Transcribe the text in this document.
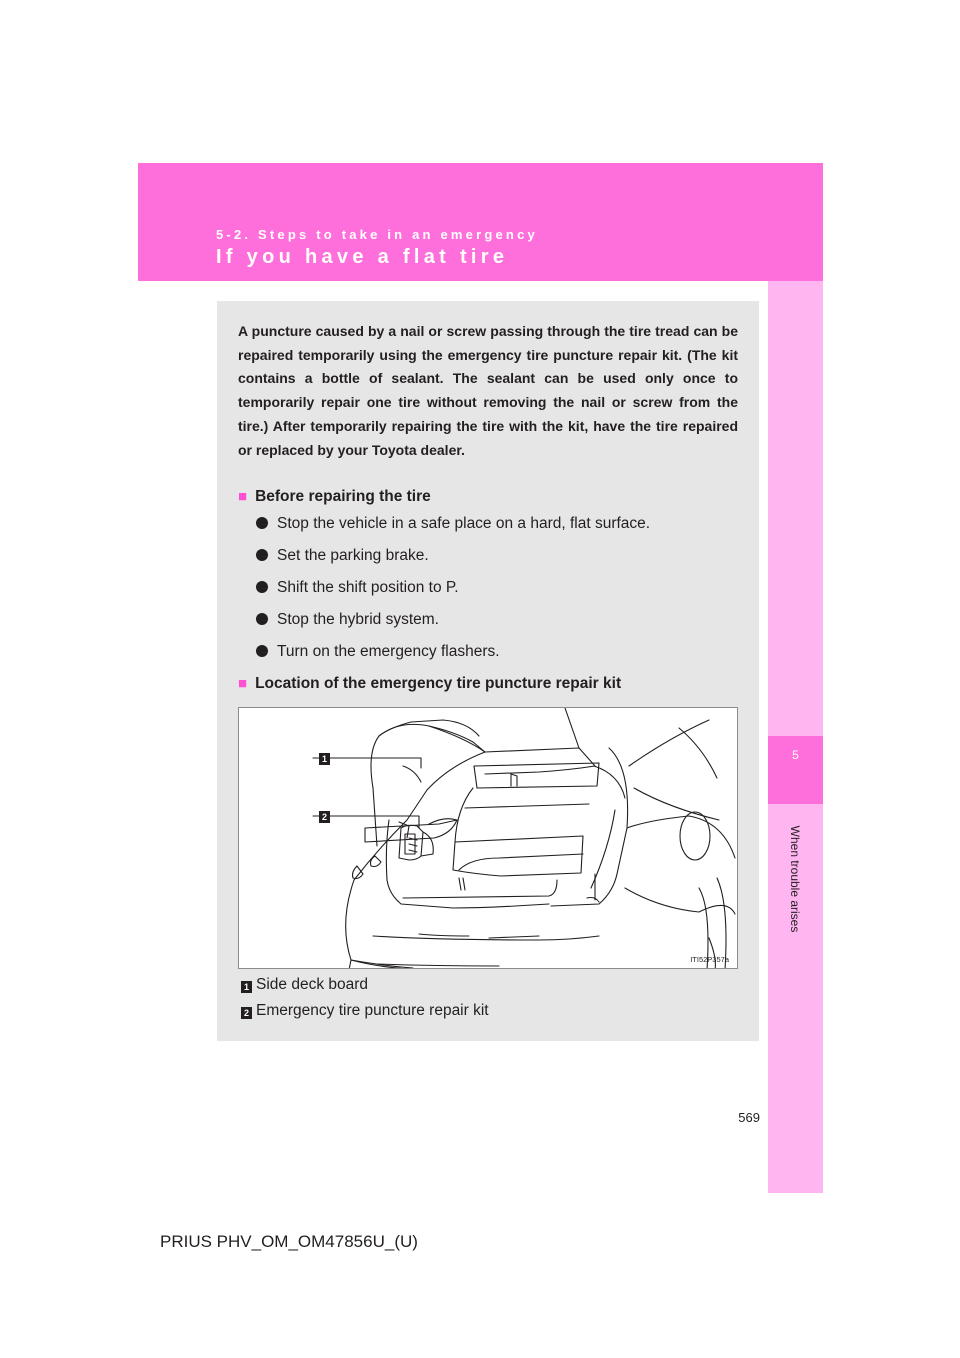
5-2. Steps to take in an emergency
If you have a flat tire
5
When trouble arises

A puncture caused by a nail or screw passing through the tire tread can be repaired temporarily using the emergency tire puncture repair kit. (The kit contains a bottle of sealant. The sealant can be used only once to temporarily repair one tire without removing the nail or screw from the tire.) After temporarily repairing the tire with the kit, have the tire repaired or replaced by your Toyota dealer.

■ Before repairing the tire
Stop the vehicle in a safe place on a hard, flat surface.
Set the parking brake.
Shift the shift position to P.
Stop the hybrid system.
Turn on the emergency flashers.
■ Location of the emergency tire puncture repair kit
1
2
ITI52P357a
1 Side deck board
2 Emergency tire puncture repair kit
569
PRIUS PHV_OM_OM47856U_(U)
